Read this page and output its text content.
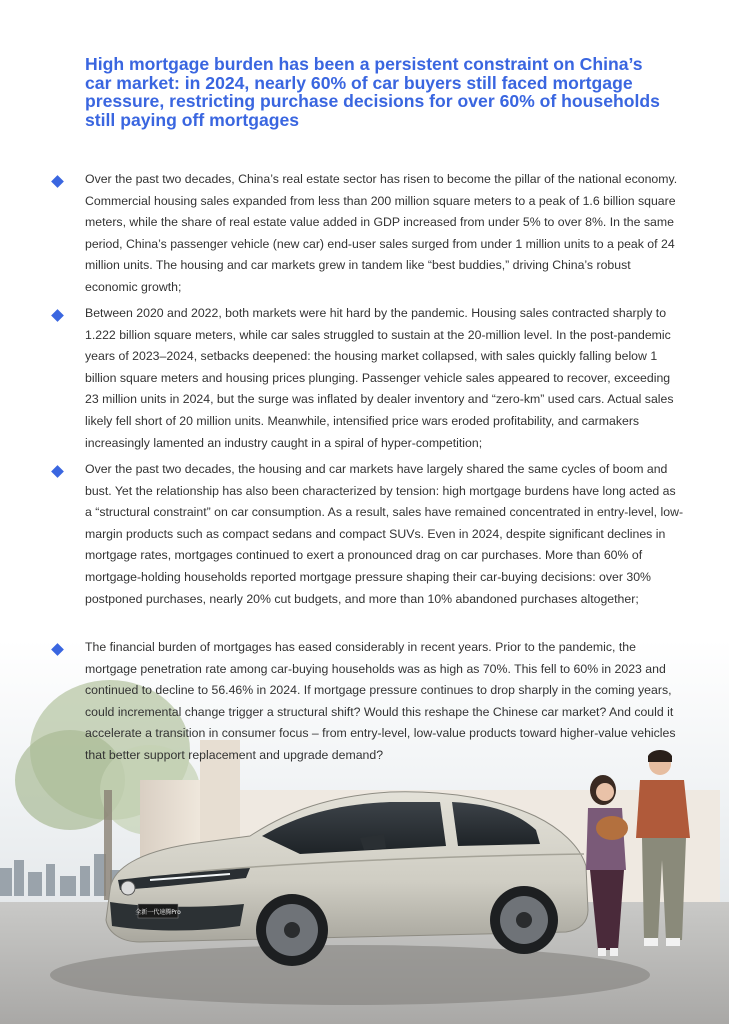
全新一代速腾Pro
High mortgage burden has been a persistent constraint on China’s car market: in 2024, nearly 60% of car buyers still faced mortgage pressure, restricting purchase decisions for over 60% of households still paying off mortgages

Over the past two decades, China’s real estate sector has risen to become the pillar of the national economy. Commercial housing sales expanded from less than 200 million square meters to a peak of 1.6 billion square meters, while the share of real estate value added in GDP increased from under 5% to over 8%. In the same period, China’s passenger vehicle (new car) end-user sales surged from under 1 million units to a peak of 24 million units. The housing and car markets grew in tandem like “best buddies,” driving China’s robust economic growth;

Between 2020 and 2022, both markets were hit hard by the pandemic. Housing sales contracted sharply to 1.222 billion square meters, while car sales struggled to sustain at the 20-million level. In the post-pandemic years of 2023–2024, setbacks deepened: the housing market collapsed, with sales quickly falling below 1 billion square meters and housing prices plunging. Passenger vehicle sales appeared to recover, exceeding 23 million units in 2024, but the surge was inflated by dealer inventory and “zero-km” used cars. Actual sales likely fell short of 20 million units. Meanwhile, intensified price wars eroded profitability, and carmakers increasingly lamented an industry caught in a spiral of hyper-competition;

Over the past two decades, the housing and car markets have largely shared the same cycles of boom and bust. Yet the relationship has also been characterized by tension: high mortgage burdens have long acted as a “structural constraint” on car consumption. As a result, sales have remained concentrated in entry-level, low-margin products such as compact sedans and compact SUVs. Even in 2024, despite significant declines in mortgage rates, mortgages continued to exert a pronounced drag on car purchases. More than 60% of mortgage-holding households reported mortgage pressure shaping their car-buying decisions: over 30% postponed purchases, nearly 20% cut budgets, and more than 10% abandoned purchases altogether;

The financial burden of mortgages has eased considerably in recent years. Prior to the pandemic, the mortgage penetration rate among car-buying households was as high as 70%. This fell to 60% in 2023 and continued to decline to 56.46% in 2024. If mortgage pressure continues to drop sharply in the coming years, could incremental change trigger a structural shift? Would this reshape the Chinese car market? And could it accelerate a transition in consumer focus – from entry-level, low-value products toward higher-value vehicles that better support replacement and upgrade demand?
